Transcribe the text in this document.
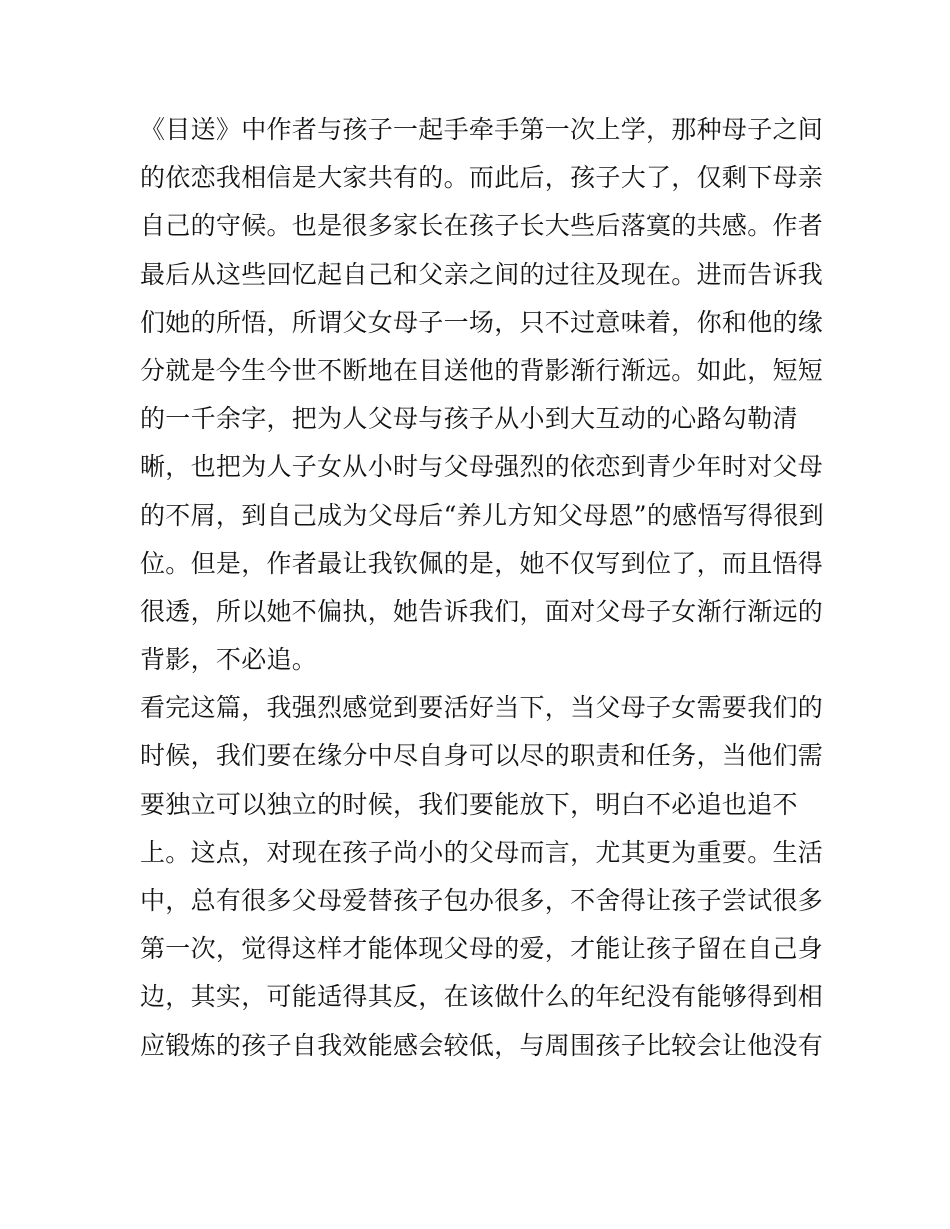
《目送》中作者与孩子一起手牵手第一次上学，那种母子之间
的依恋我相信是大家共有的。而此后，孩子大了，仅剩下母亲
自己的守候。也是很多家长在孩子长大些后落寞的共感。作者
最后从这些回忆起自己和父亲之间的过往及现在。进而告诉我
们她的所悟，所谓父女母子一场，只不过意味着，你和他的缘
分就是今生今世不断地在目送他的背影渐行渐远。如此，短短
的一千余字，把为人父母与孩子从小到大互动的心路勾勒清
晰，也把为人子女从小时与父母强烈的依恋到青少年时对父母
的不屑，到自己成为父母后“养儿方知父母恩”的感悟写得很到
位。但是，作者最让我钦佩的是，她不仅写到位了，而且悟得
很透，所以她不偏执，她告诉我们，面对父母子女渐行渐远的
背影，不必追。
看完这篇，我强烈感觉到要活好当下，当父母子女需要我们的
时候，我们要在缘分中尽自身可以尽的职责和任务，当他们需
要独立可以独立的时候，我们要能放下，明白不必追也追不
上。这点，对现在孩子尚小的父母而言，尤其更为重要。生活
中，总有很多父母爱替孩子包办很多，不舍得让孩子尝试很多
第一次，觉得这样才能体现父母的爱，才能让孩子留在自己身
边，其实，可能适得其反，在该做什么的年纪没有能够得到相
应锻炼的孩子自我效能感会较低，与周围孩子比较会让他没有
